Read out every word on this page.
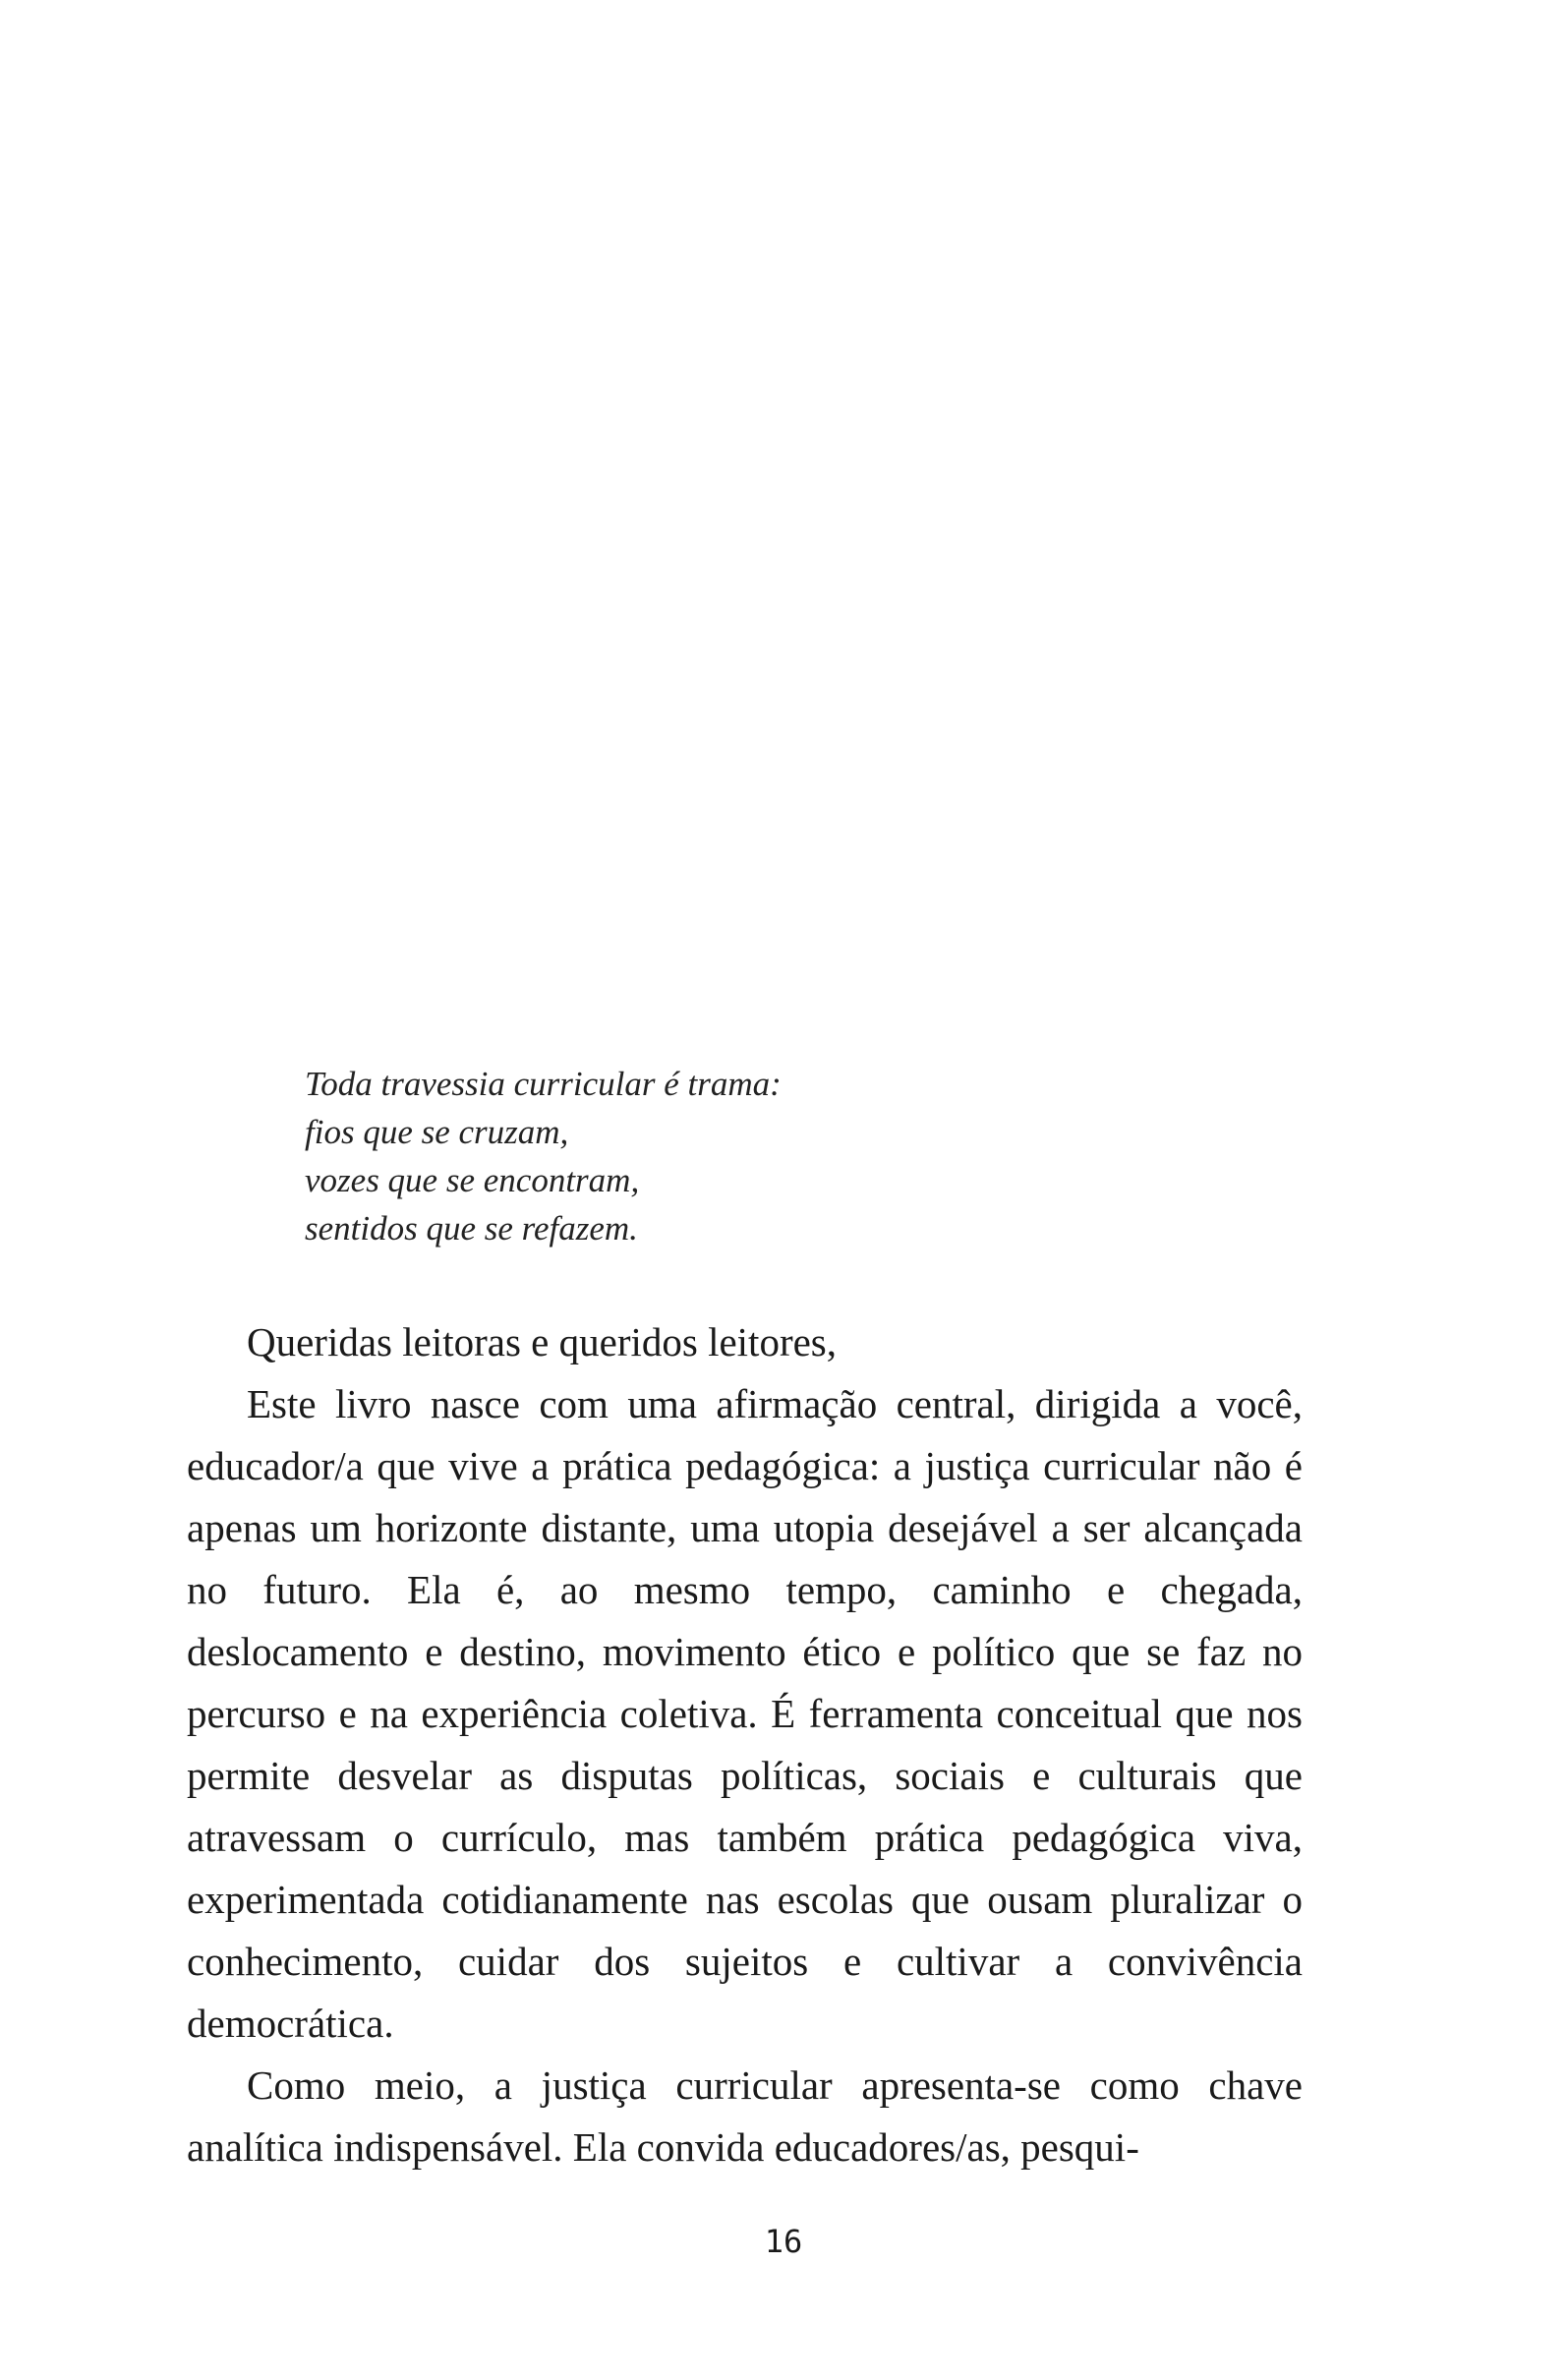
Toda travessia curricular é trama:
fios que se cruzam,
vozes que se encontram,
sentidos que se refazem.

Queridas leitoras e queridos leitores,

Este livro nasce com uma afirmação central, dirigida a você, educador/a que vive a prática pedagógica: a justiça curricular não é apenas um horizonte distante, uma utopia desejável a ser alcançada no futuro. Ela é, ao mesmo tempo, caminho e chegada, deslocamento e destino, movimento ético e político que se faz no percurso e na experiência coletiva. É ferramenta conceitual que nos permite desvelar as disputas políticas, sociais e culturais que atravessam o currículo, mas também prática pedagógica viva, experimentada cotidianamente nas escolas que ousam pluralizar o conhecimento, cuidar dos sujeitos e cultivar a convivência democrática.

Como meio, a justiça curricular apresenta-se como chave analítica indispensável. Ela convida educadores/as, pesqui-

16
